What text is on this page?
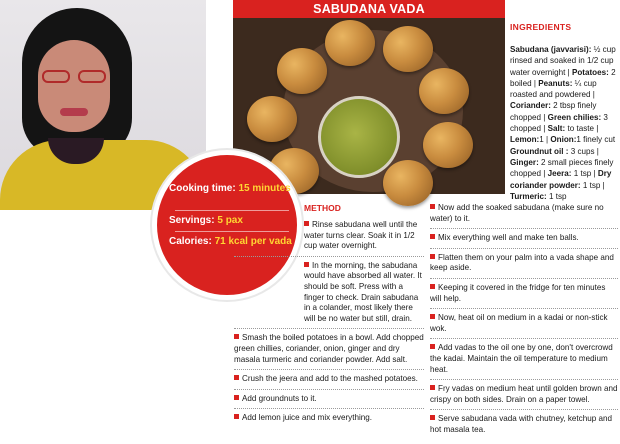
SABUDANA VADA
INGREDIENTS
Sabudana (javvarisi): ½ cup rinsed and soaked in 1/2 cup water overnight | Potatoes: 2 boiled | Peanuts: ¼ cup roasted and powdered | Coriander: 2 tbsp finely chopped | Green chilies: 3 chopped | Salt: to taste | Lemon:1 | Onion:1 finely cut Groundnut oil : 3 cups | Ginger: 2 small pieces finely chopped | Jeera: 1 tsp | Dry coriander powder: 1 tsp | Turmeric: 1 tsp
Cooking time: 15 minutes
Servings: 5 pax
Calories: 71 kcal per vada
METHOD
Rinse sabudana well until the water turns clear. Soak it in 1/2 cup water overnight.
In the morning, the sabudana would have absorbed all water. It should be soft. Press with a finger to check. Drain sabudana in a colander, most likely there will be no water but still, drain.
Smash the boiled potatoes in a bowl. Add chopped green chillies, coriander, onion, ginger and dry masala turmeric and coriander powder. Add salt.
Crush the jeera and add to the mashed potatoes.
Add groundnuts to it.
Add lemon juice and mix everything.
Now add the soaked sabudana (make sure no water) to it.
Mix everything well and make ten balls.
Flatten them on your palm into a vada shape and keep aside.
Keeping it covered in the fridge for ten minutes will help.
Now, heat oil on medium in a kadai or non-stick wok.
Add vadas to the oil one by one, don't overcrowd the kadai. Maintain the oil temperature to medium heat.
Fry vadas on medium heat until golden brown and crispy on both sides. Drain on a paper towel.
Serve sabudana vada with chutney, ketchup and hot masala tea.
